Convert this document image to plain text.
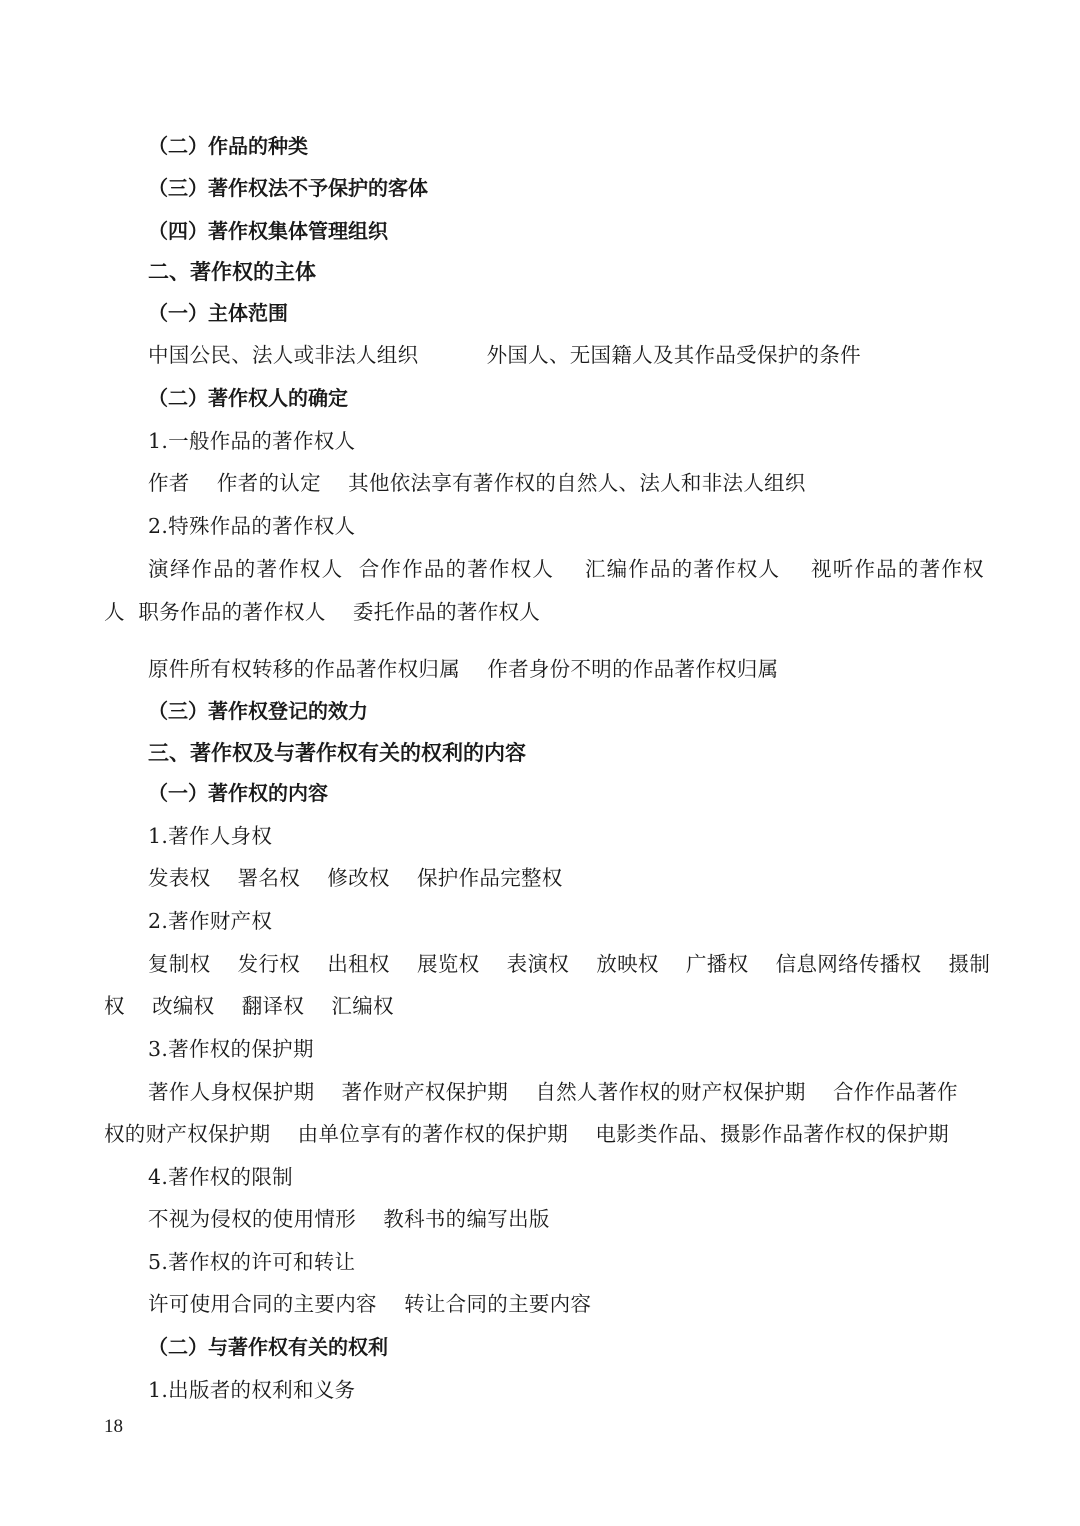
（二）作品的种类
（三）著作权法不予保护的客体
（四）著作权集体管理组织
二、著作权的主体
（一）主体范围
中国公民、法人或非法人组织          外国人、无国籍人及其作品受保护的条件
（二）著作权人的确定
1.一般作品的著作权人
作者    作者的认定    其他依法享有著作权的自然人、法人和非法人组织
2.特殊作品的著作权人
演绎作品的著作权人  合作作品的著作权人    汇编作品的著作权人    视听作品的著作权
人  职务作品的著作权人    委托作品的著作权人
原件所有权转移的作品著作权归属    作者身份不明的作品著作权归属
（三）著作权登记的效力
三、著作权及与著作权有关的权利的内容
（一）著作权的内容
1.著作人身权
发表权    署名权    修改权    保护作品完整权
2.著作财产权
复制权    发行权    出租权    展览权    表演权    放映权    广播权    信息网络传播权    摄制
权    改编权    翻译权    汇编权
3.著作权的保护期
著作人身权保护期    著作财产权保护期    自然人著作权的财产权保护期    合作作品著作
权的财产权保护期    由单位享有的著作权的保护期    电影类作品、摄影作品著作权的保护期
4.著作权的限制
不视为侵权的使用情形    教科书的编写出版
5.著作权的许可和转让
许可使用合同的主要内容    转让合同的主要内容
（二）与著作权有关的权利
1.出版者的权利和义务
18
